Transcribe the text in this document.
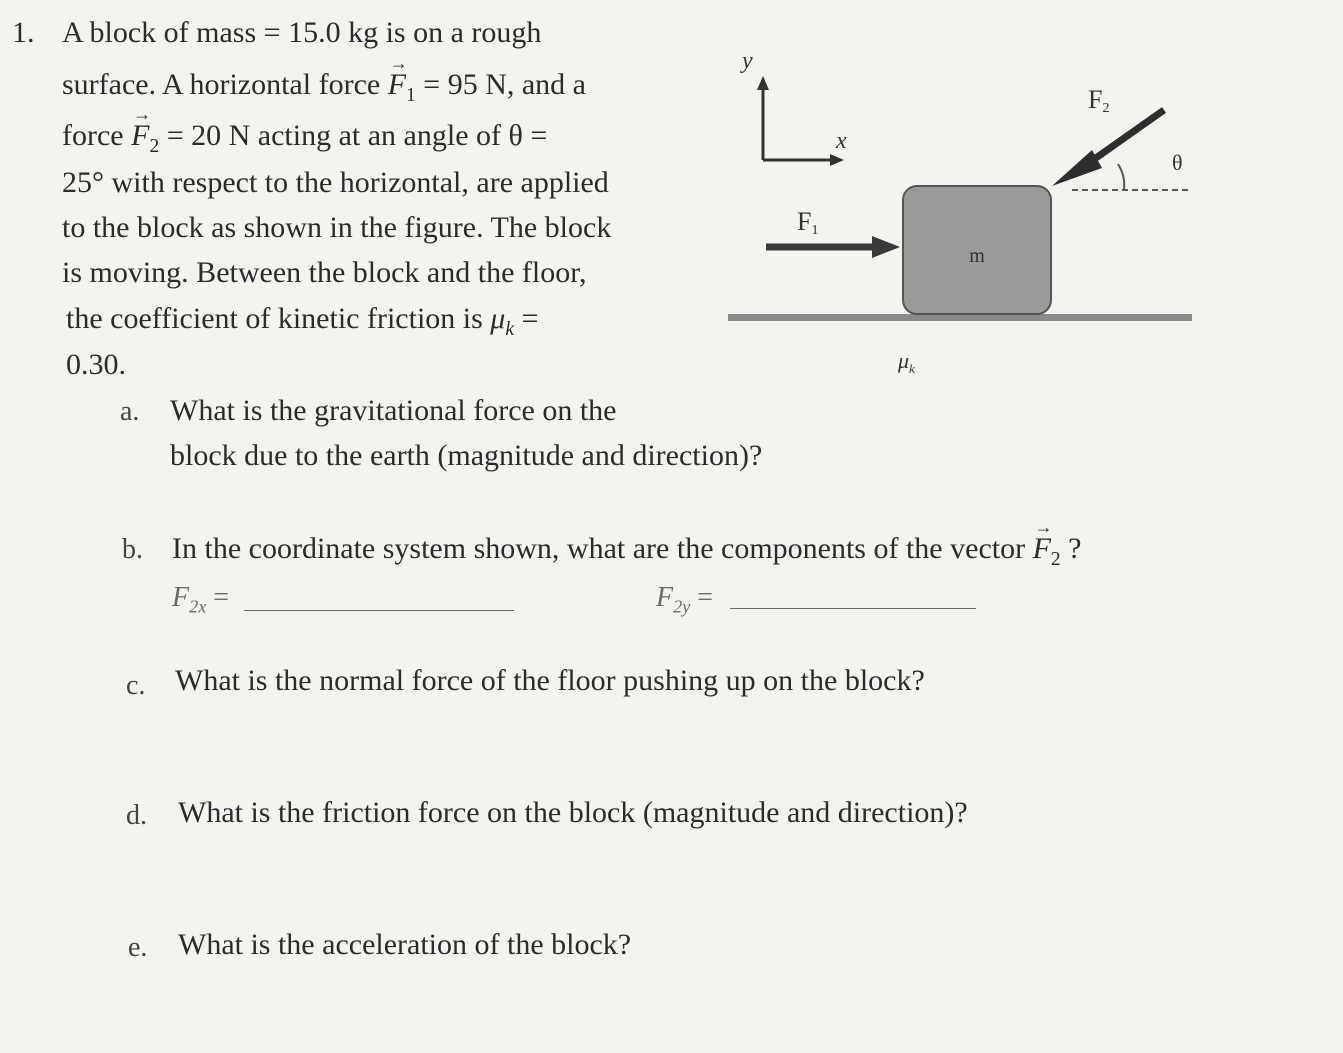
1. A block of mass = 15.0 kg is on a rough
surface. A horizontal force → $F_1 = 95$ N, and a
force → $F_2 = 20$ N acting at an angle of θ =
25° with respect to the horizontal, are applied
to the block as shown in the figure. The block
is moving. Between the block and the floor,
the coefficient of kinetic friction is $\mu_k$ =
0.30.
y
x
m
F1
F2
θ
$\mu_k$
a. What is the gravitational force on the
block due to the earth (magnitude and direction)?
b. In the coordinate system shown, what are the components of the vector → $F_2$ ?
$F_{2x}$ =	$F_{2y}$ =
c. What is the normal force of the floor pushing up on the block?
d. What is the friction force on the block (magnitude and direction)?
e. What is the acceleration of the block?
